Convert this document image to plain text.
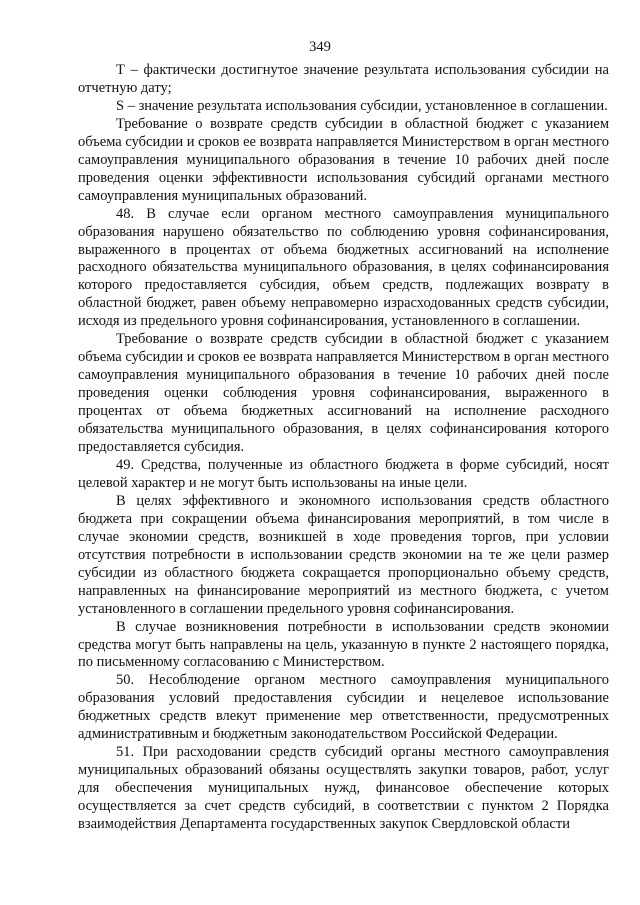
349

Т – фактически достигнутое значение результата использования субсидии на отчетную дату;

S – значение результата использования субсидии, установленное в соглашении.

Требование о возврате средств субсидии в областной бюджет с указанием объема субсидии и сроков ее возврата направляется Министерством в орган местного самоуправления муниципального образования в течение 10 рабочих дней после проведения оценки эффективности использования субсидий органами местного самоуправления муниципальных образований.

48. В случае если органом местного самоуправления муниципального образования нарушено обязательство по соблюдению уровня софинансирования, выраженного в процентах от объема бюджетных ассигнований на исполнение расходного обязательства муниципального образования, в целях софинансирования которого предоставляется субсидия, объем средств, подлежащих возврату в областной бюджет, равен объему неправомерно израсходованных средств субсидии, исходя из предельного уровня софинансирования, установленного в соглашении.

Требование о возврате средств субсидии в областной бюджет с указанием объема субсидии и сроков ее возврата направляется Министерством в орган местного самоуправления муниципального образования в течение 10 рабочих дней после проведения оценки соблюдения уровня софинансирования, выраженного в процентах от объема бюджетных ассигнований на исполнение расходного обязательства муниципального образования, в целях софинансирования которого предоставляется субсидия.

49. Средства, полученные из областного бюджета в форме субсидий, носят целевой характер и не могут быть использованы на иные цели.

В целях эффективного и экономного использования средств областного бюджета при сокращении объема финансирования мероприятий, в том числе в случае экономии средств, возникшей в ходе проведения торгов, при условии отсутствия потребности в использовании средств экономии на те же цели размер субсидии из областного бюджета сокращается пропорционально объему средств, направленных на финансирование мероприятий из местного бюджета, с учетом установленного в соглашении предельного уровня софинансирования.

В случае возникновения потребности в использовании средств экономии средства могут быть направлены на цель, указанную в пункте 2 настоящего порядка, по письменному согласованию с Министерством.

50. Несоблюдение органом местного самоуправления муниципального образования условий предоставления субсидии и нецелевое использование бюджетных средств влекут применение мер ответственности, предусмотренных административным и бюджетным законодательством Российской Федерации.

51. При расходовании средств субсидий органы местного самоуправления муниципальных образований обязаны осуществлять закупки товаров, работ, услуг для обеспечения муниципальных нужд, финансовое обеспечение которых осуществляется за счет средств субсидий, в соответствии с пунктом 2 Порядка взаимодействия Департамента государственных закупок Свердловской области
